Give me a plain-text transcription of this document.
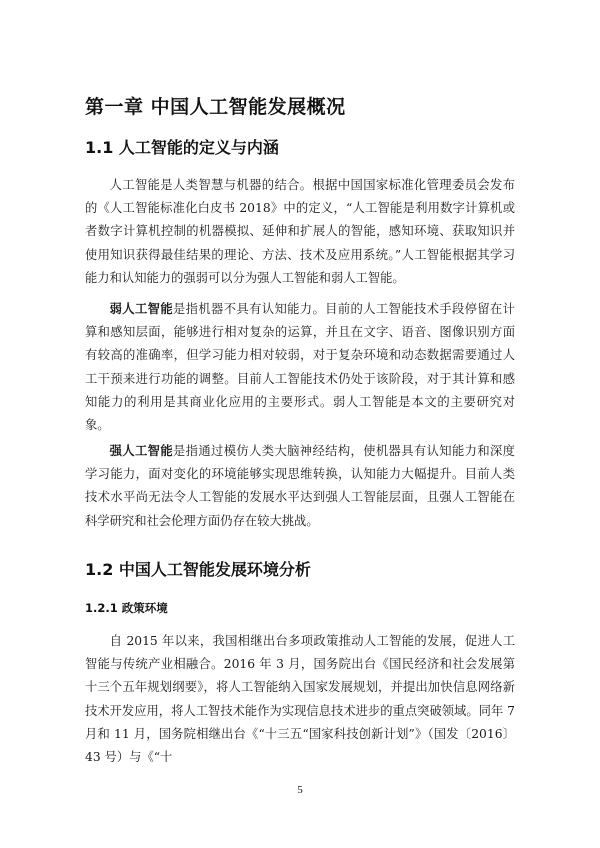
第一章 中国人工智能发展概况
1.1 人工智能的定义与内涵

人工智能是人类智慧与机器的结合。根据中国国家标准化管理委员会发布的《人工智能标准化白皮书 2018》中的定义，“人工智能是利用数字计算机或者数字计算机控制的机器模拟、延伸和扩展人的智能，感知环境、获取知识并使用知识获得最佳结果的理论、方法、技术及应用系统。”人工智能根据其学习能力和认知能力的强弱可以分为强人工智能和弱人工智能。

弱人工智能是指机器不具有认知能力。目前的人工智能技术手段停留在计算和感知层面，能够进行相对复杂的运算，并且在文字、语音、图像识别方面有较高的准确率，但学习能力相对较弱，对于复杂环境和动态数据需要通过人工干预来进行功能的调整。目前人工智能技术仍处于该阶段，对于其计算和感知能力的利用是其商业化应用的主要形式。弱人工智能是本文的主要研究对象。

强人工智能是指通过模仿人类大脑神经结构，使机器具有认知能力和深度学习能力，面对变化的环境能够实现思维转换，认知能力大幅提升。目前人类技术水平尚无法令人工智能的发展水平达到强人工智能层面，且强人工智能在科学研究和社会伦理方面仍存在较大挑战。

1.2 中国人工智能发展环境分析
1.2.1 政策环境

自 2015 年以来，我国相继出台多项政策推动人工智能的发展，促进人工智能与传统产业相融合。2016 年 3 月，国务院出台《国民经济和社会发展第十三个五年规划纲要》，将人工智能纳入国家发展规划，并提出加快信息网络新技术开发应用，将人工智技术能作为实现信息技术进步的重点突破领域。同年 7 月和 11 月，国务院相继出台《“十三五“国家科技创新计划”》（国发〔2016〕43 号）与《“十

5
